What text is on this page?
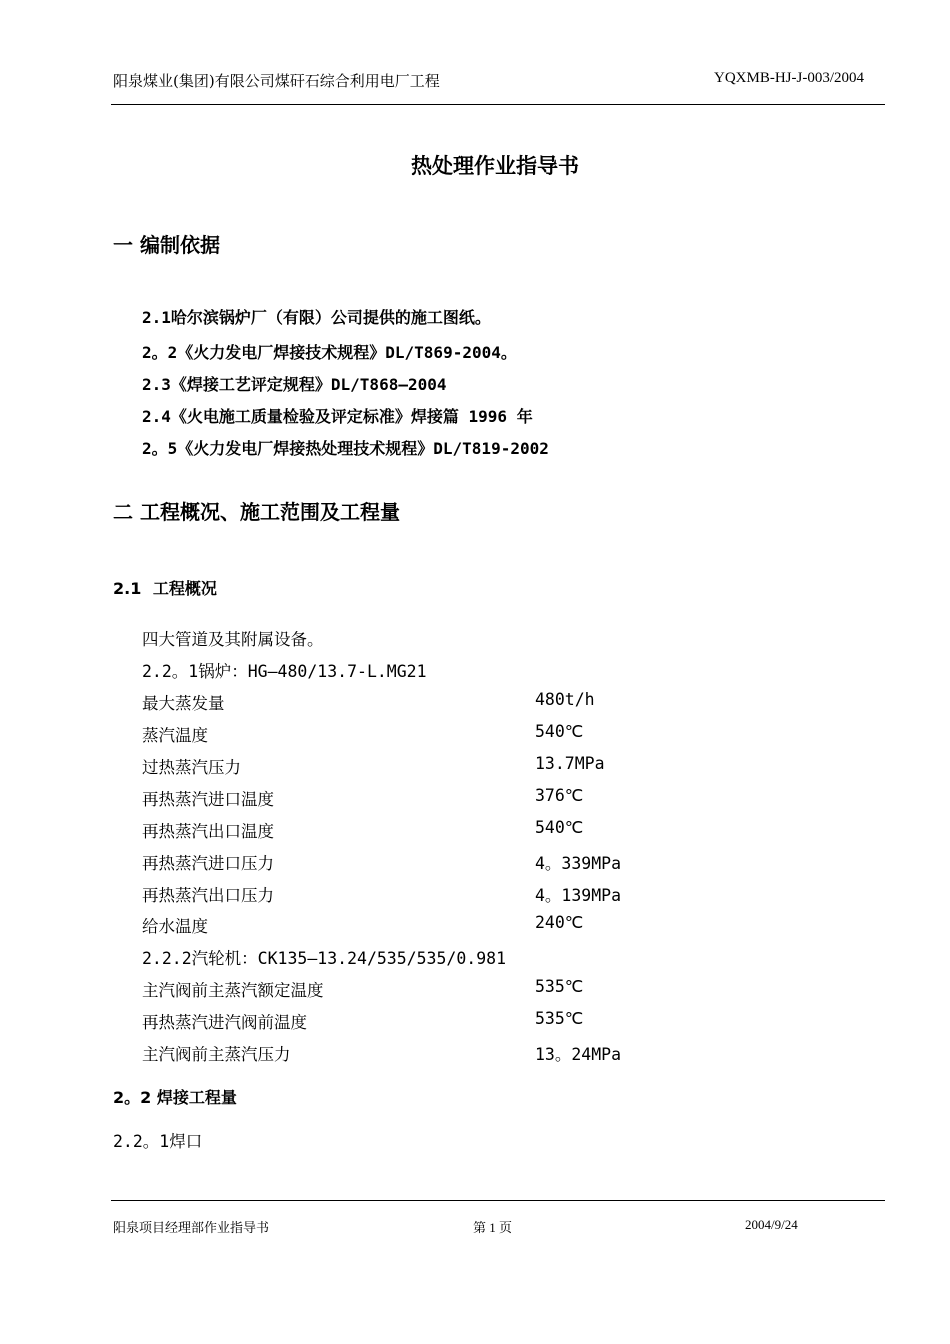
阳泉煤业(集团)有限公司煤矸石综合利用电厂工程	YQXMB-HJ-J-003/2004
热处理作业指导书
一 编制依据
2.1哈尔滨锅炉厂（有限）公司提供的施工图纸。
2。2《火力发电厂焊接技术规程》DL/T869-2004。
2.3《焊接工艺评定规程》DL/T868—2004
2.4《火电施工质量检验及评定标准》焊接篇 1996 年
2。5《火力发电厂焊接热处理技术规程》DL/T819-2002
二 工程概况、施工范围及工程量
2.1 工程概况
四大管道及其附属设备。
2.2。1锅炉：HG—480/13.7-L.MG21
最大蒸发量	480t/h
蒸汽温度	540℃
过热蒸汽压力	13.7MPa
再热蒸汽进口温度	376℃
再热蒸汽出口温度	540℃
再热蒸汽进口压力	4。339MPa
再热蒸汽出口压力	4。139MPa
给水温度	240℃
2.2.2汽轮机：CK135—13.24/535/535/0.981
主汽阀前主蒸汽额定温度	535℃
再热蒸汽进汽阀前温度	535℃
主汽阀前主蒸汽压力	13。24MPa
2。2 焊接工程量
2.2。1焊口
阳泉项目经理部作业指导书	第 1 页	2004/9/24
